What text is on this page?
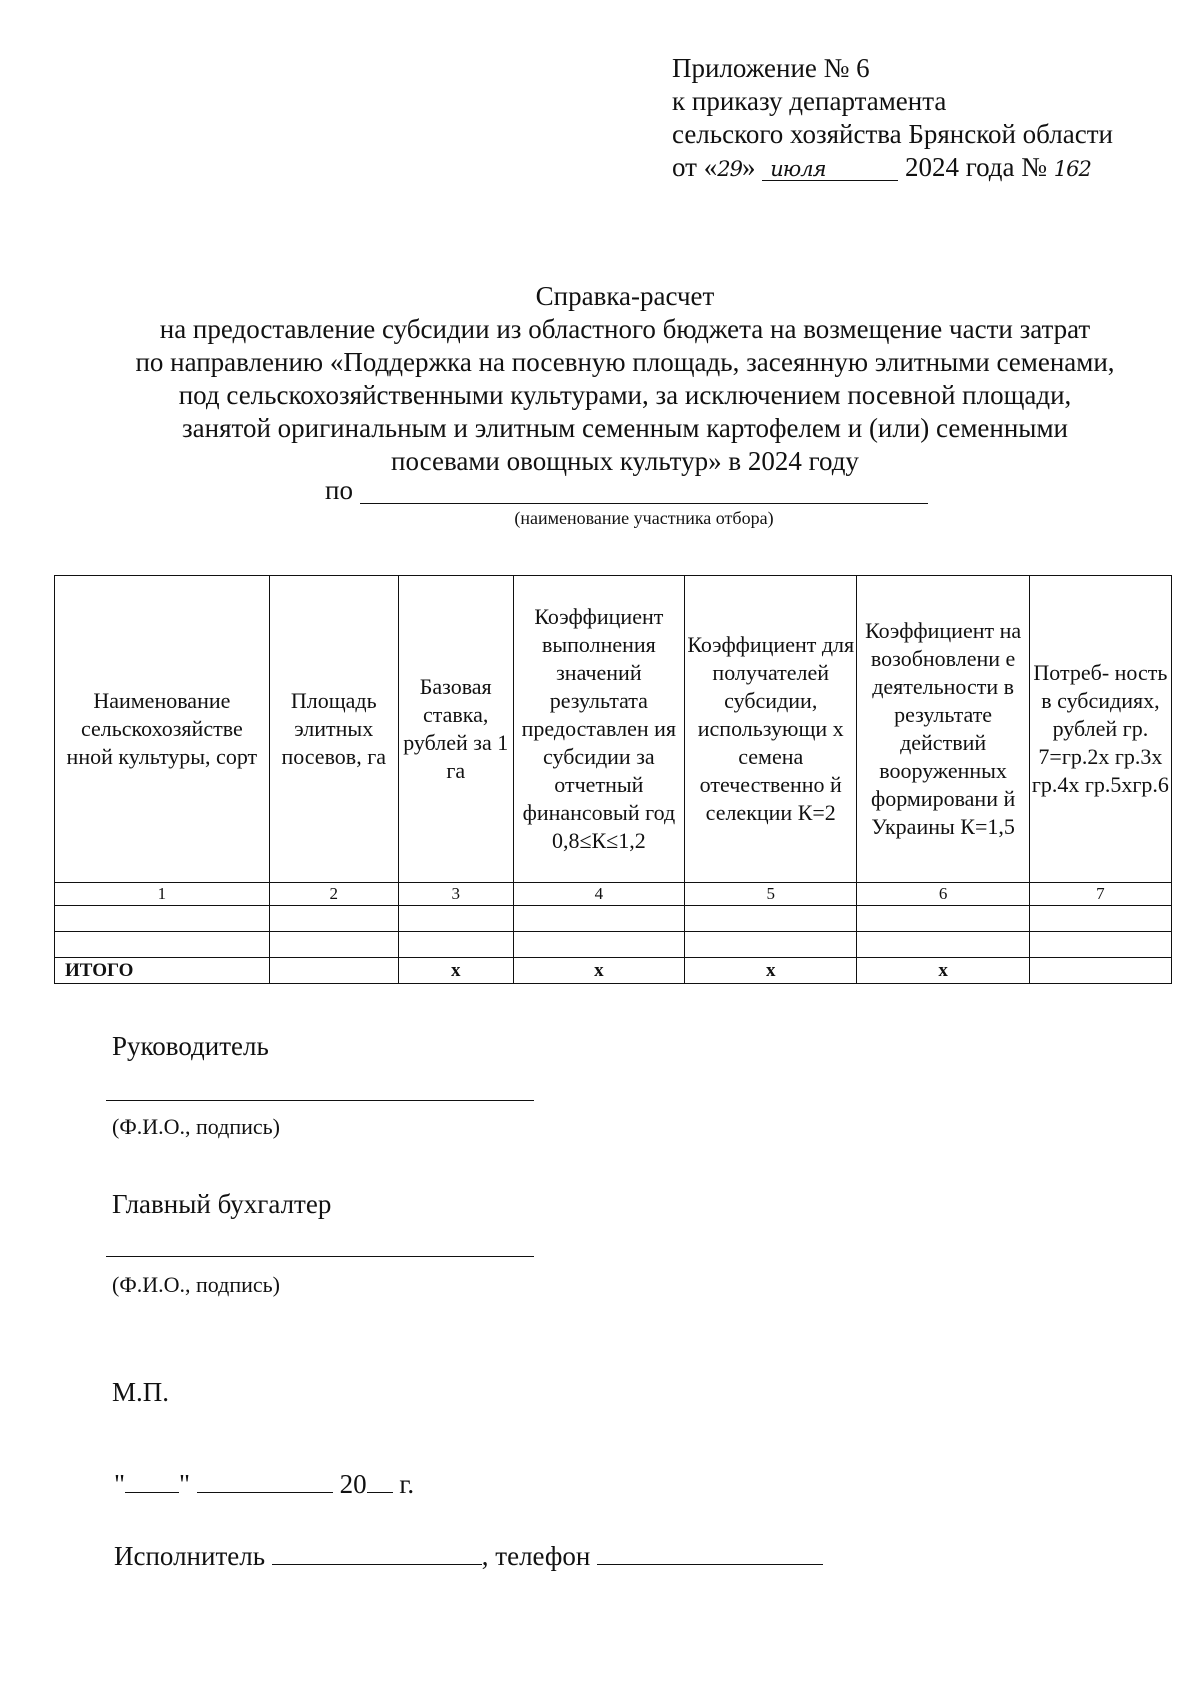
Приложение № 6
к приказу департамента
сельского хозяйства Брянской области
от «29» июля	2024 года № 162
Справка-расчет
на предоставление субсидии из областного бюджета на возмещение части затрат
по направлению «Поддержка на посевную площадь, засеянную элитными семенами,
под сельскохозяйственными культурами, за исключением посевной площади,
занятой оригинальным и элитным семенным картофелем и (или) семенными
посевами овощных культур» в 2024 году
по
(наименование участника отбора)
Наименование сельскохозяйстве нной культуры, сорт	Площадь элитных посевов, га	Базовая ставка, рублей за 1 га	Коэффициент выполнения значений результата предоставлен ия субсидии за отчетный финансовый год 0,8≤К≤1,2	Коэффициент для получателей субсидии, использующи х семена отечественно й селекции К=2	Коэффициент на возобновлени е деятельности в результате действий вооруженных формировани й Украины К=1,5	Потреб- ность в субсидиях, рублей гр. 7=гр.2х гр.3х гр.4х гр.5хгр.6
1	2	3	4	5	6	7

ИТОГО		х	х	х	х	
Руководитель
(Ф.И.О., подпись)
Главный бухгалтер
(Ф.И.О., подпись)
М.П.
" "	20 г.
Исполнитель	, телефон
